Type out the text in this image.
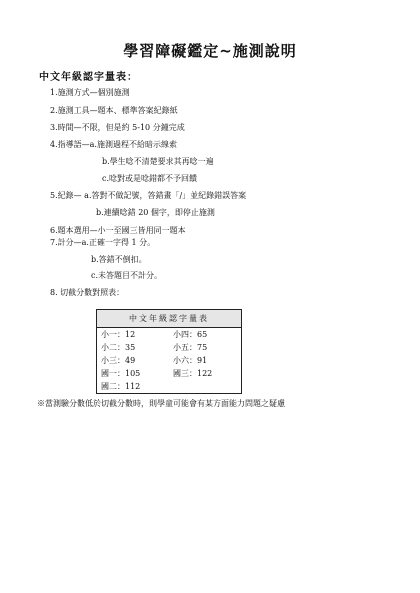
學習障礙鑑定~施測說明
中文年級認字量表：
1.施測方式—個別施測
2.施測工具—題本、標準答案紀錄紙
3.時間—不限，但是約 5-10 分鐘完成
4.指導語—a.施測過程不給暗示線索
b.學生唸不清楚要求其再唸一遍
c.唸對或是唸錯都不予回饋
5.紀錄— a.答對不做記號，答錯畫「/」並紀錄錯誤答案
b.連續唸錯 20 個字，即停止施測
6.題本選用—小一至國三皆用同一題本
7.計分—a.正確一字得 1 分。
b.答錯不倒扣。
c.未答題目不計分。
8. 切截分數對照表：
中文年級認字量表	
小一：12	小四：65
小二：35	小五：75
小三：49	小六：91
國一：105	國三：122
國二：112	
※當測驗分數低於切截分數時，則學童可能會有某方面能力問題之疑慮
